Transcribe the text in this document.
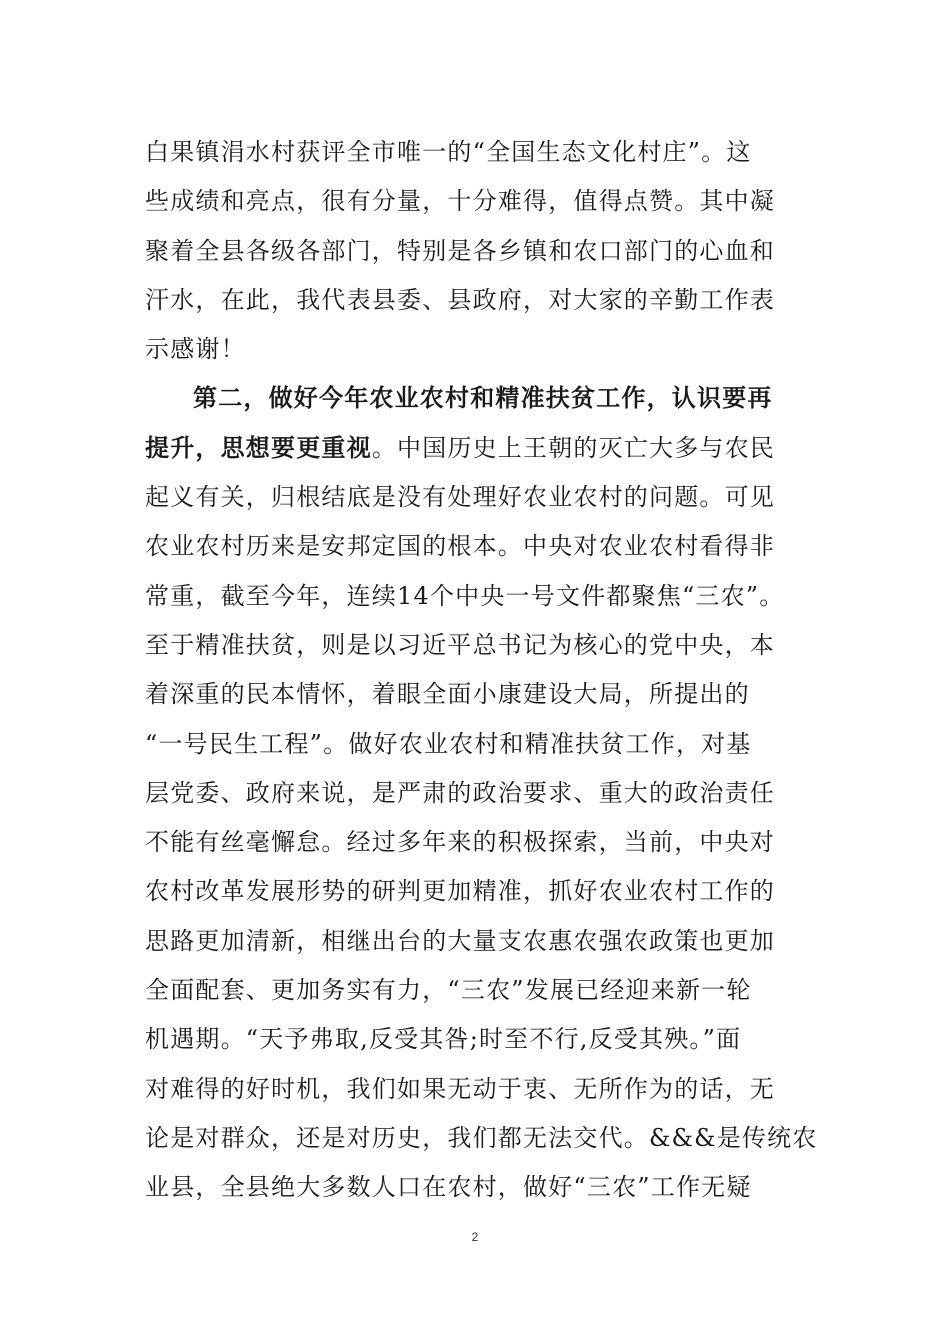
白果镇涓水村获评全市唯一的“全国生态文化村庄”。这
些成绩和亮点，很有分量，十分难得，值得点赞。其中凝
聚着全县各级各部门，特别是各乡镇和农口部门的心血和
汗水，在此，我代表县委、县政府，对大家的辛勤工作表
示感谢！
第二，做好今年农业农村和精准扶贫工作，认识要再
提升，思想要更重视。中国历史上王朝的灭亡大多与农民
起义有关，归根结底是没有处理好农业农村的问题。可见
农业农村历来是安邦定国的根本。中央对农业农村看得非
常重，截至今年，连续14个中央一号文件都聚焦“三农”。
至于精准扶贫，则是以习近平总书记为核心的党中央，本
着深重的民本情怀，着眼全面小康建设大局，所提出的
“一号民生工程”。做好农业农村和精准扶贫工作，对基
层党委、政府来说，是严肃的政治要求、重大的政治责任
不能有丝毫懈怠。经过多年来的积极探索，当前，中央对
农村改革发展形势的研判更加精准，抓好农业农村工作的
思路更加清新，相继出台的大量支农惠农强农政策也更加
全面配套、更加务实有力，“三农”发展已经迎来新一轮
机遇期。“天予弗取,反受其咎;时至不行,反受其殃。”面
对难得的好时机，我们如果无动于衷、无所作为的话，无
论是对群众，还是对历史，我们都无法交代。&&&是传统农
业县，全县绝大多数人口在农村，做好“三农”工作无疑
2
